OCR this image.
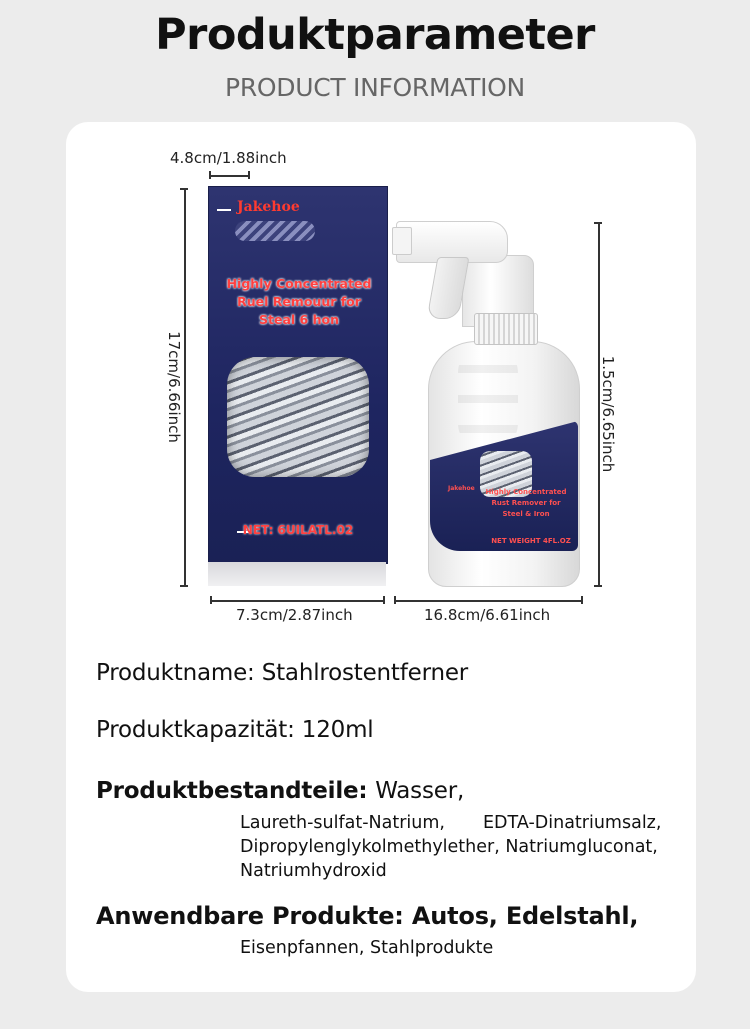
Produktparameter
PRODUCT INFORMATION
4.8cm/1.88inch
17cm/6.66inch
7.3cm/2.87inch	16.8cm/6.61inch
1.5cm/6.65inch
Jakehoe
Highly Concentrated
Ruel Remouur for
Steal 6 hon
NET: 6UILATL.02
Jakehoe	Highly Concentrated
Rust Remover for
Steel & Iron
NET WEIGHT 4FL.OZ
Produktname: Stahlrostentferner
Produktkapazität: 120ml
Produktbestandteile: Wasser,
Laureth-sulfat-Natrium, EDTA-Dinatriumsalz,
Dipropylenglykolmethylether, Natriumgluconat,
Natriumhydroxid
Anwendbare Produkte: Autos, Edelstahl,
Eisenpfannen, Stahlprodukte
